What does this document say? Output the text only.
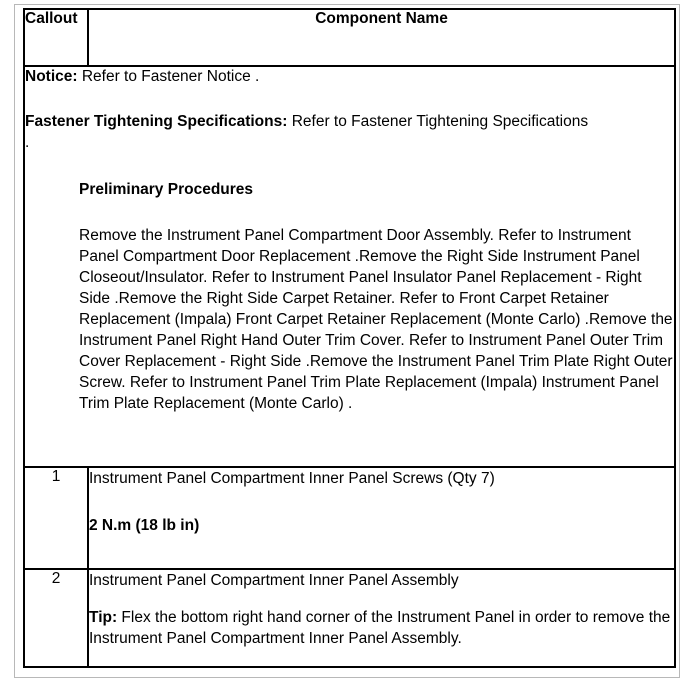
Callout	Component Name

Notice: Refer to Fastener Notice .
Fastener Tightening Specifications: Refer to Fastener Tightening Specifications
.
Preliminary Procedures
Remove the Instrument Panel Compartment Door Assembly. Refer to Instrument Panel Compartment Door Replacement .Remove the Right Side Instrument Panel Closeout/Insulator. Refer to Instrument Panel Insulator Panel Replacement - Right Side .Remove the Right Side Carpet Retainer. Refer to Front Carpet Retainer Replacement (Impala) Front Carpet Retainer Replacement (Monte Carlo) .Remove the Instrument Panel Right Hand Outer Trim Cover. Refer to Instrument Panel Outer Trim Cover Replacement - Right Side .Remove the Instrument Panel Trim Plate Right Outer Screw. Refer to Instrument Panel Trim Plate Replacement (Impala) Instrument Panel Trim Plate Replacement (Monte Carlo) .	

1	Instrument Panel Compartment Inner Panel Screws (Qty 7)
2 N.m (18 lb in)

2	Instrument Panel Compartment Inner Panel Assembly
Tip: Flex the bottom right hand corner of the Instrument Panel in order to remove the Instrument Panel Compartment Inner Panel Assembly.
